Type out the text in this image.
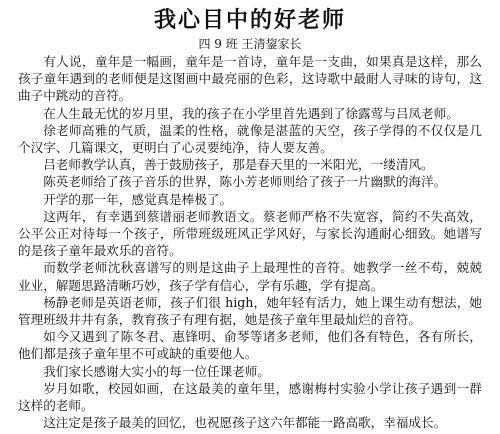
我心目中的好老师
四 9 班 王清鋆家长

有人说，童年是一幅画，童年是一首诗，童年是一支曲，如果真是这样，那么孩子童年遇到的老师便是这图画中最亮丽的色彩，这诗歌中最耐人寻味的诗句，这曲子中跳动的音符。

在人生最无忧的岁月里，我的孩子在小学里首先遇到了徐露莺与吕凤老师。

徐老师高雅的气质，温柔的性格，就像是湛蓝的天空，孩子学得的不仅仅是几个汉字、几篇课文，更明白了心灵要纯净，待人要友善。

吕老师教学认真，善于鼓励孩子，那是春天里的一米阳光，一缕清风。

陈英老师给了孩子音乐的世界，陈小芳老师则给了孩子一片幽默的海洋。

开学的那一年，感觉真是棒极了。

这两年，有幸遇到蔡谱丽老师教语文。蔡老师严格不失宽容，简约不失高效，公平公正对待每一个孩子，所带班级班风正学风好，与家长沟通耐心细致。她谱写的是孩子童年最欢乐的音符。

而数学老师沈秋喜谱写的则是这曲子上最理性的音符。她教学一丝不苟，兢兢业业，解题思路清晰巧妙，孩子学有信心，学有乐趣，学有提高。

杨静老师是英语老师，孩子们很 high，她年轻有活力，她上课生动有想法，她管理班级井井有条，教育孩子有理有据，她是孩子童年里最灿烂的音符。

如今又遇到了陈冬君、惠锋明、俞琴等诸多老师，他们各有特色，各有所长，他们都是孩子童年里不可或缺的重要他人。

我们家长感谢大实小的每一位任课老师。

岁月如歌，校园如画，在这最美的童年里，感谢梅村实验小学让孩子遇到一群这样的老师。

这注定是孩子最美的回忆，也祝愿孩子这六年都能一路高歌，幸福成长。
